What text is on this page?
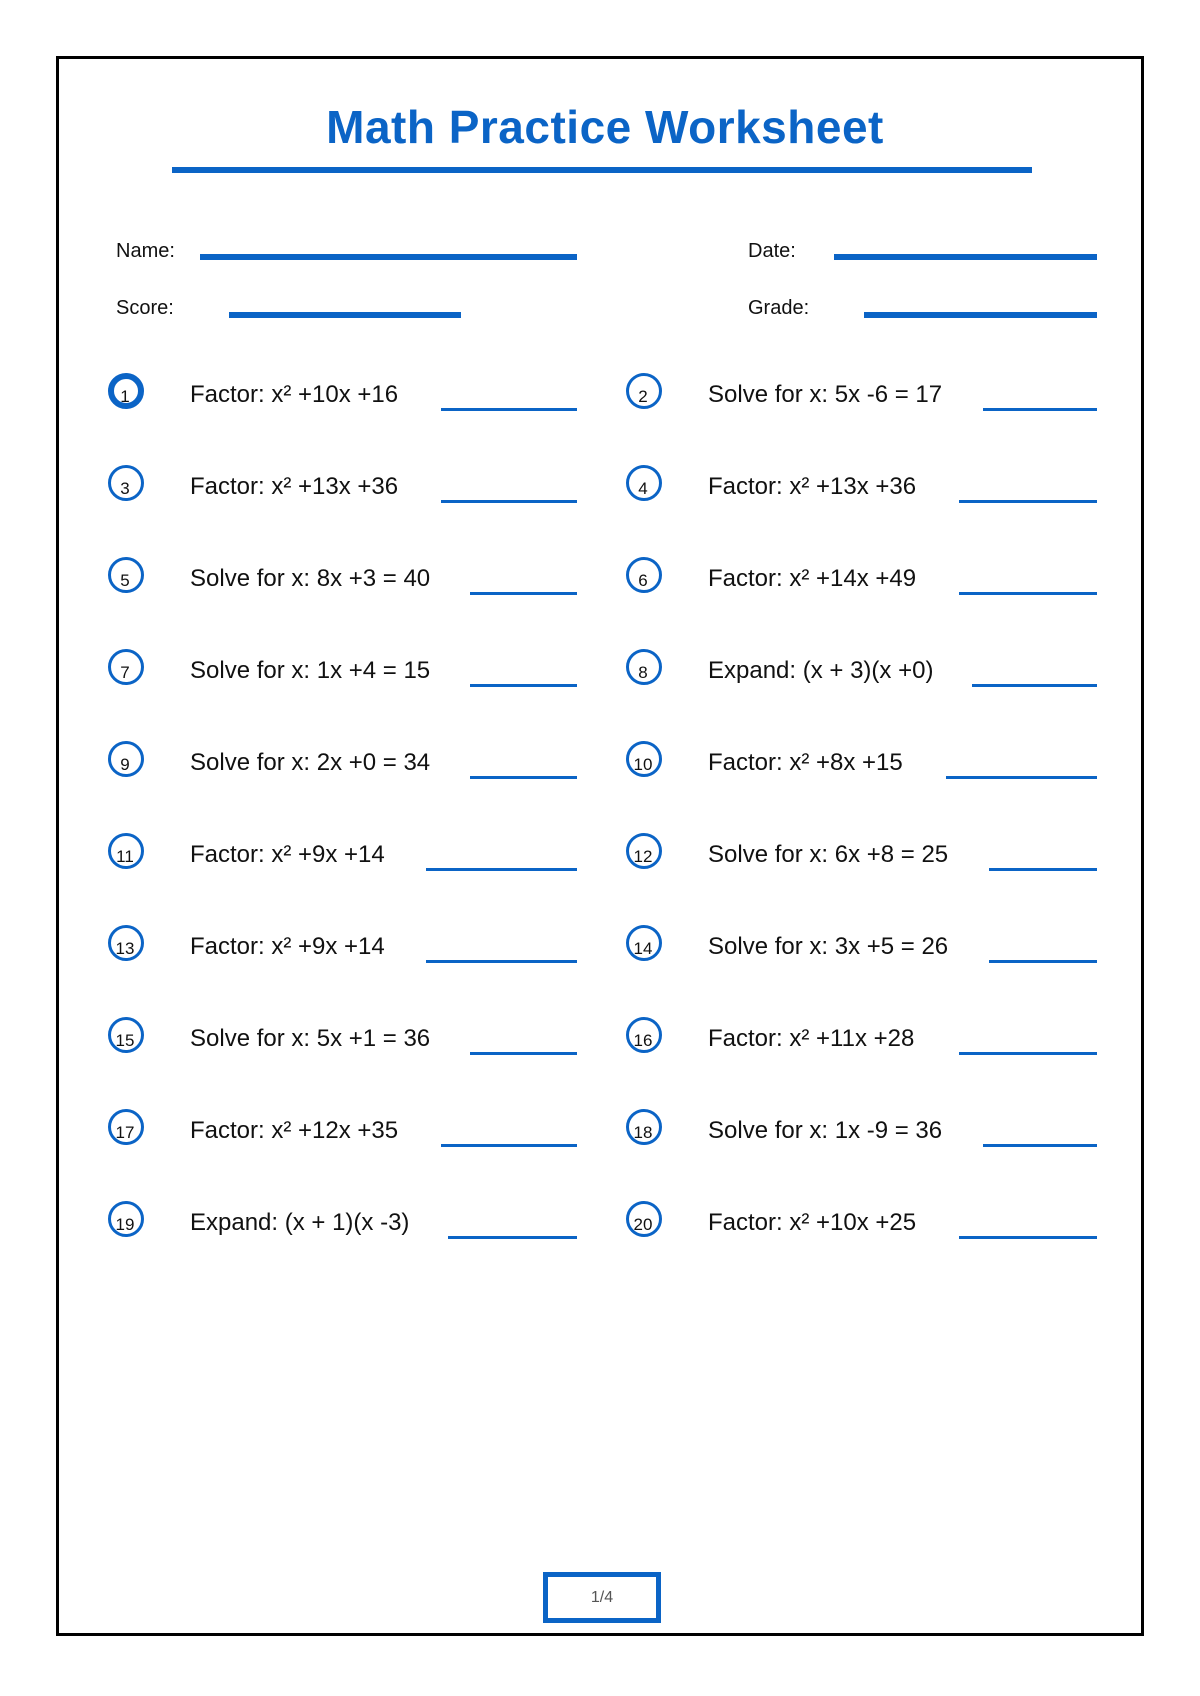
Math Practice Worksheet
Name:	Date:
Score:	Grade:
1	Factor: x² +10x +16	2	Solve for x: 5x -6 = 17
3	Factor: x² +13x +36	4	Factor: x² +13x +36
5	Solve for x: 8x +3 = 40	6	Factor: x² +14x +49
7	Solve for x: 1x +4 = 15	8	Expand: (x + 3)(x +0)
9	Solve for x: 2x +0 = 34	10	Factor: x² +8x +15
11	Factor: x² +9x +14	12	Solve for x: 6x +8 = 25
13	Factor: x² +9x +14	14	Solve for x: 3x +5 = 26
15	Solve for x: 5x +1 = 36	16	Factor: x² +11x +28
17	Factor: x² +12x +35	18	Solve for x: 1x -9 = 36
19	Expand: (x + 1)(x -3)	20	Factor: x² +10x +25
1/4
